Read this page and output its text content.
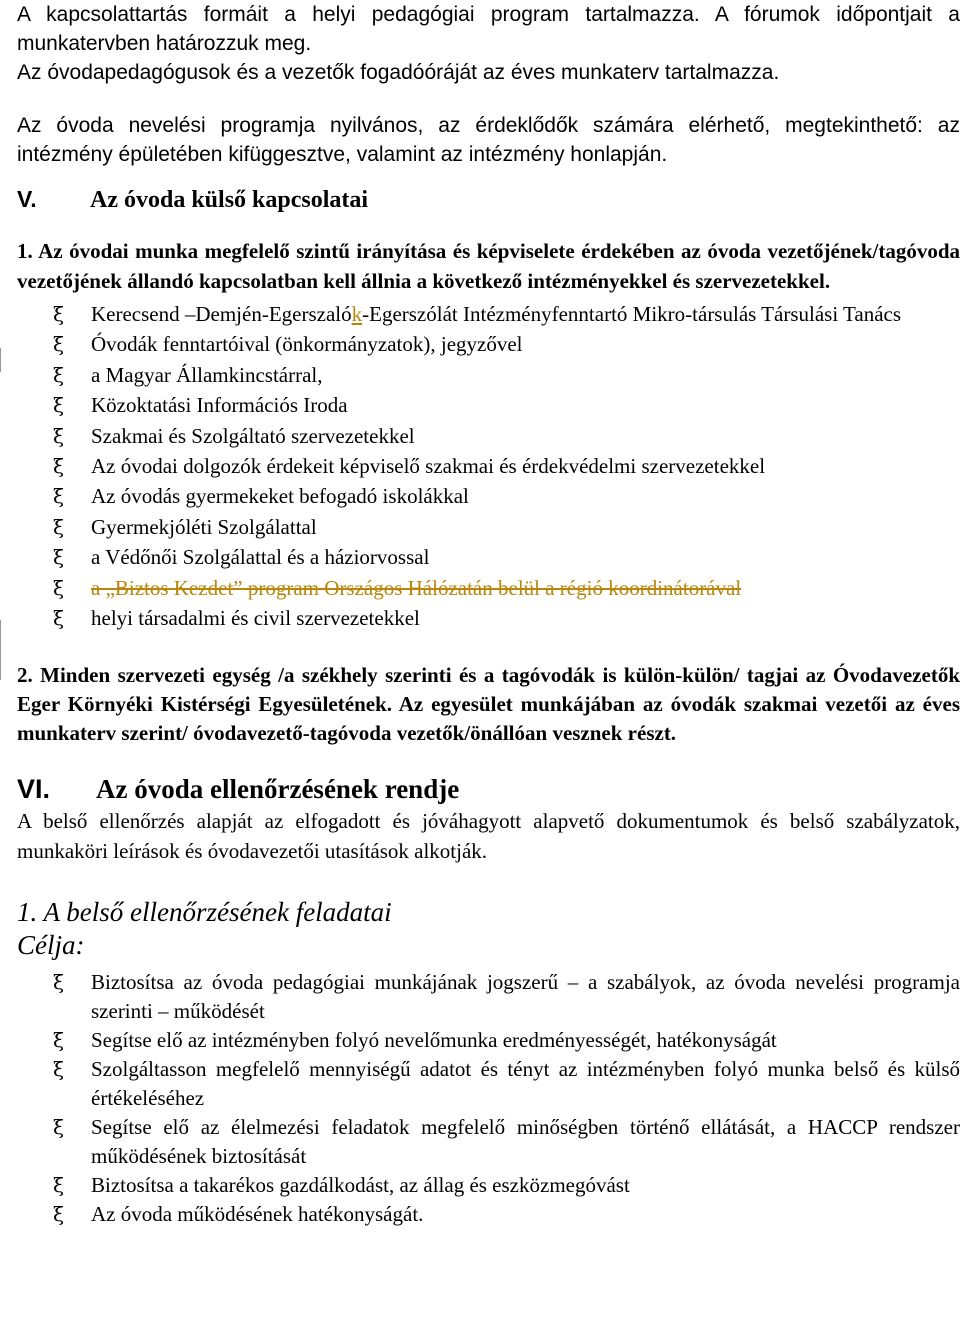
A kapcsolattartás formáit a helyi pedagógiai program tartalmazza. A fórumok időpontjait a munkatervben határozzuk meg.

Az óvodapedagógusok és a vezetők fogadóóráját az éves munkaterv tartalmazza.

Az óvoda nevelési programja nyilvános, az érdeklődők számára elérhető, megtekinthető: az intézmény épületében kifüggesztve, valamint az intézmény honlapján.

V.	Az óvoda külső kapcsolatai

1. Az óvodai munka megfelelő szintű irányítása és képviselete érdekében az óvoda vezetőjének/tagóvoda vezetőjének állandó kapcsolatban kell állnia a következő intézményekkel és szervezetekkel.

ξ Kerecsend –Demjén-Egerszalók-Egerszólát Intézményfenntartó Mikro-társulás Társulási Tanács
ξ Óvodák fenntartóival (önkormányzatok), jegyzővel
ξ a Magyar Államkincstárral,
ξ Közoktatási Információs Iroda
ξ Szakmai és Szolgáltató szervezetekkel
ξ Az óvodai dolgozók érdekeit képviselő szakmai és érdekvédelmi szervezetekkel
ξ Az óvodás gyermekeket befogadó iskolákkal
ξ Gyermekjóléti Szolgálattal
ξ a Védőnői Szolgálattal és a háziorvossal
ξ a „Biztos Kezdet” program Országos Hálózatán belül a régió koordinátorával
ξ helyi társadalmi és civil szervezetekkel

2. Minden szervezeti egység /a székhely szerinti és a tagóvodák is külön-külön/ tagjai az Óvodavezetők Eger Környéki Kistérségi Egyesületének. Az egyesület munkájában az óvodák szakmai vezetői az éves munkaterv szerint/ óvodavezető-tagóvoda vezetők/önállóan vesznek részt.

VI.	Az óvoda ellenőrzésének rendje

A belső ellenőrzés alapját az elfogadott és jóváhagyott alapvető dokumentumok és belső szabályzatok, munkaköri leírások és óvodavezetői utasítások alkotják.

1. A belső ellenőrzésének feladatai

Célja:

ξ Biztosítsa az óvoda pedagógiai munkájának jogszerű – a szabályok, az óvoda nevelési programja szerinti – működését
ξ Segítse elő az intézményben folyó nevelőmunka eredményességét, hatékonyságát
ξ Szolgáltasson megfelelő mennyiségű adatot és tényt az intézményben folyó munka belső és külső értékeléséhez
ξ Segítse elő az élelmezési feladatok megfelelő minőségben történő ellátását, a HACCP rendszer működésének biztosítását
ξ Biztosítsa a takarékos gazdálkodást, az állag és eszközmegóvást
ξ Az óvoda működésének hatékonyságát.
